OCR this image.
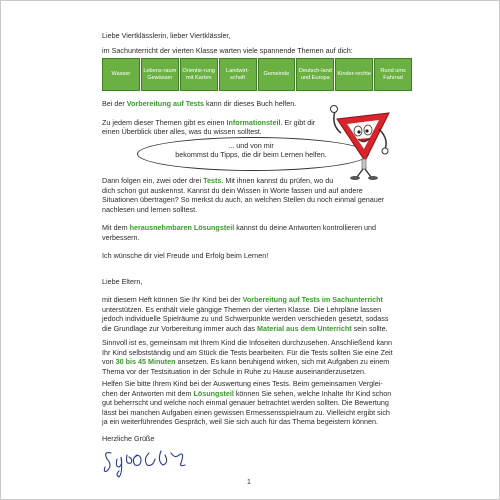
Liebe Viertklässlerin, lieber Viertklässler,
im Sachunterricht der vierten Klasse warten viele spannende Themen auf dich:
Wasser
Lebens-raum Gewässer
Orientie-rung mit Karten
Landwirt-schaft
Gemeinde
Deutsch-land und Europa
Kinder-rechte
Rund ums Fahrrad
Bei der Vorbereitung auf Tests kann dir dieses Buch helfen.
Zu jedem dieser Themen gibt es einen Informationsteil. Er gibt dir
einen Überblick über alles, was du wissen solltest.
... und von mir
bekommst du Tipps, die dir beim Lernen helfen.
Dann folgen ein, zwei oder drei Tests. Mit ihnen kannst du prüfen, wo du
dich schon gut auskennst. Kannst du dein Wissen in Worte fassen und auf andere
Situationen übertragen? So merkst du auch, an welchen Stellen du noch einmal genauer
nachlesen und lernen solltest.
Mit dem herausnehmbaren Lösungsteil kannst du deine Antworten kontrollieren und
verbessern.
Ich wünsche dir viel Freude und Erfolg beim Lernen!
Liebe Eltern,
mit diesem Heft können Sie Ihr Kind bei der Vorbereitung auf Tests im Sachunterricht
unterstützen. Es enthält viele gängige Themen der vierten Klasse. Die Lehrpläne lassen
jedoch individuelle Spielräume zu und Schwerpunkte werden verschieden gesetzt, sodass
die Grundlage zur Vorbereitung immer auch das Material aus dem Unterricht sein sollte.
Sinnvoll ist es, gemeinsam mit Ihrem Kind die Infoseiten durchzusehen. Anschließend kann
Ihr Kind selbstständig und am Stück die Tests bearbeiten. Für die Tests sollten Sie eine Zeit
von 30 bis 45 Minuten ansetzen. Es kann beruhigend wirken, sich mit Aufgaben zu einem
Thema vor der Testsituation in der Schule in Ruhe zu Hause auseinanderzusetzen.
Helfen Sie bitte Ihrem Kind bei der Auswertung eines Tests. Beim gemeinsamen Verglei-
chen der Antworten mit dem Lösungsteil können Sie sehen, welche Inhalte Ihr Kind schon
gut beherrscht und welche noch einmal genauer betrachtet werden sollten. Die Bewertung
lässt bei manchen Aufgaben einen gewissen Ermessensspielraum zu. Vielleicht ergibt sich
ja ein weiterführendes Gespräch, weil Sie sich auch für das Thema begeistern können.
Herzliche Grüße
1
